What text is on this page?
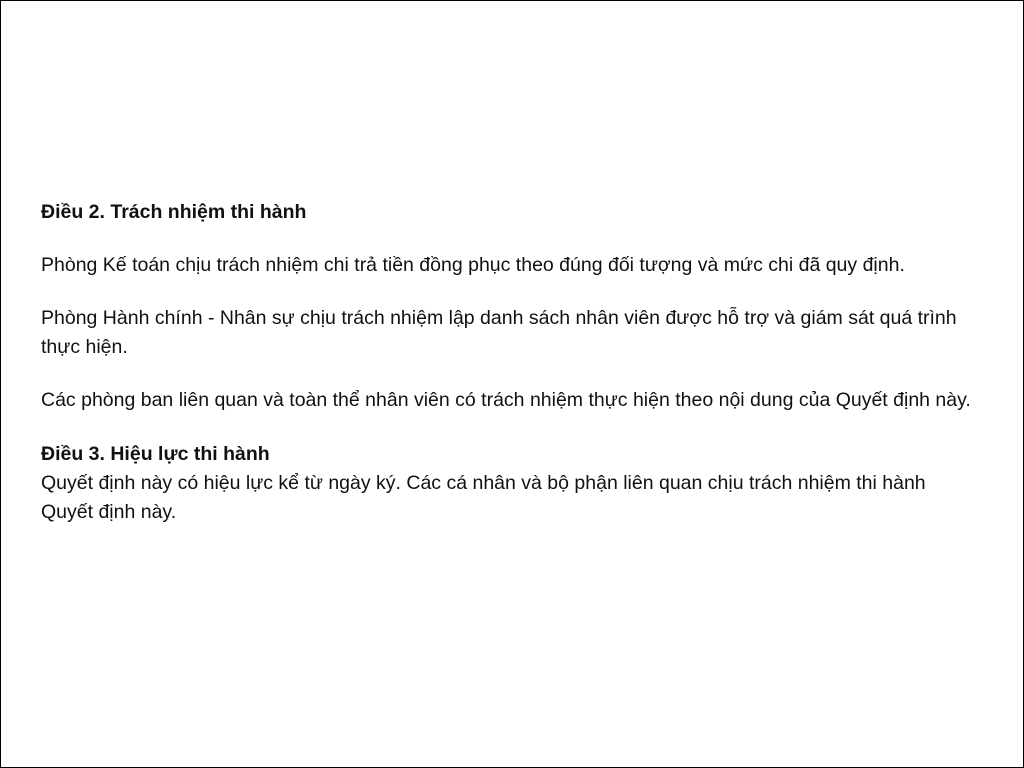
Điều 2. Trách nhiệm thi hành

Phòng Kế toán chịu trách nhiệm chi trả tiền đồng phục theo đúng đối tượng và mức chi đã quy định.

Phòng Hành chính - Nhân sự chịu trách nhiệm lập danh sách nhân viên được hỗ trợ và giám sát quá trình thực hiện.

Các phòng ban liên quan và toàn thể nhân viên có trách nhiệm thực hiện theo nội dung của Quyết định này.

Điều 3. Hiệu lực thi hành

Quyết định này có hiệu lực kể từ ngày ký. Các cá nhân và bộ phận liên quan chịu trách nhiệm thi hành Quyết định này.
